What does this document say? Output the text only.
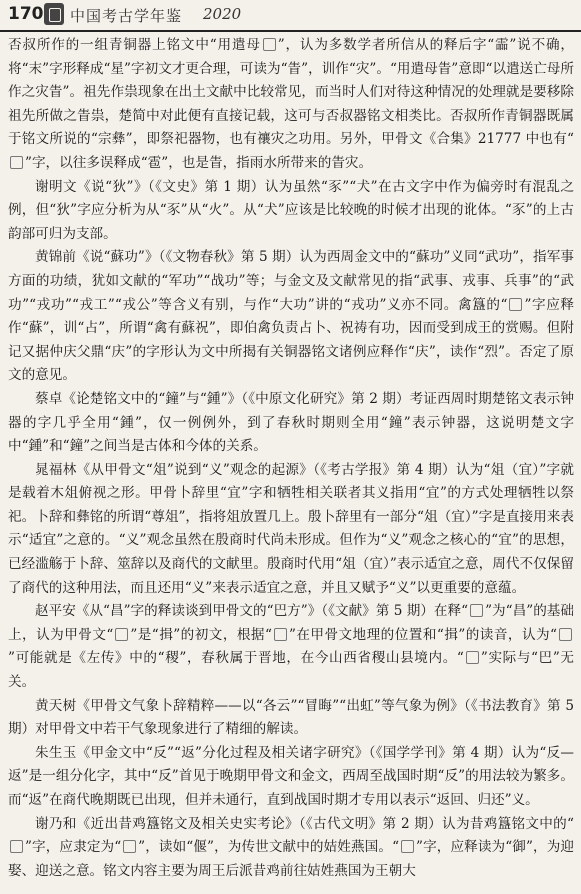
170 中国考古学年鉴 2020

否叔所作的一组青铜器上铭文中“用遣母 ”，认为多数学者所信从的释后字“霝”说不确，将“末”字形释成“星”字初文才更合理，可读为“眚”，训作“灾”。“用遣母眚”意即“以遣送亡母所作之灾眚”。祖先作祟现象在出土文献中比较常见，而当时人们对待这种情况的处理就是要移除祖先所做之眚祟，楚简中对此便有直接记载，这可与否叔器铭文相类比。否叔所作青铜器既属于铭文所说的“宗彝”，即祭祀器物，也有禳灾之功用。另外，甲骨文《合集》21777 中也有“”字，以往多误释成“雹”，也是眚，指雨水所带来的眚灾。

谢明文《说“狄”》（《文史》第 1 期）认为虽然“豕”“犬”在古文字中作为偏旁时有混乱之例，但“狄”字应分析为从“豕”从“火”。从“犬”应该是比较晚的时候才出现的讹体。“豕”的上古韵部可归为支部。

黄锦前《说“蘇功”》（《文物春秋》第 5 期）认为西周金文中的“蘇功”义同“武功”，指军事方面的功绩，犹如文献的“军功”“战功”等；与金文及文献常见的指“武事、戎事、兵事”的“武功”“戎功”“戎工”“戎公”等含义有别，与作“大功”讲的“戎功”义亦不同。禽簋的“ ”字应释作“蘇”，训“占”，所谓“禽有蘇祝”，即伯禽负责占卜、祝祷有功，因而受到成王的赏赐。但附记又据仲庆父鼎“庆”的字形认为文中所揭有关铜器铭文诸例应释作“庆”，读作“烈”。否定了原文的意见。

蔡卓《论楚铭文中的“鐘”与“鍾”》（《中原文化研究》第 2 期）考证西周时期楚铭文表示钟器的字几乎全用“鍾”，仅一例例外，到了春秋时期则全用“鐘”表示钟器，这说明楚文字中“鍾”和“鐘”之间当是古体和今体的关系。

晁福林《从甲骨文“俎”说到“义”观念的起源》（《考古学报》第 4 期）认为“俎（宜）”字就是载着木俎俯视之形。甲骨卜辞里“宜”字和牺牲相关联者其义指用“宜”的方式处理牺牲以祭祀。卜辞和彝铭的所谓“尊俎”，指将俎放置几上。殷卜辞里有一部分“俎（宜）”字是直接用来表示“适宜”之意的。“义”观念虽然在殷商时代尚未形成。但作为“义”观念之核心的“宜”的思想，已经滥觞于卜辞、筮辞以及商代的文献里。殷商时代用“俎（宜）”表示适宜之意，周代不仅保留了商代的这种用法，而且还用“义”来表示适宜之意，并且又赋予“义”以更重要的意蕴。

赵平安《从“昌”字的释读谈到甲骨文的“巴方”》（《文献》第 5 期）在释“ ”为“昌”的基础上，认为甲骨文“ ”是“揖”的初文，根据“ ”在甲骨文地理的位置和“揖”的读音，认为“”可能就是《左传》中的“稷”，春秋属于晋地，在今山西省稷山县境内。“ ”实际与“巴”无关。

黄天树《甲骨文气象卜辞精粹——以“各云”“冒晦”“出虹”等气象为例》（《书法教育》第 5 期）对甲骨文中若干气象现象进行了精细的解读。

朱生玉《甲金文中“反”“返”分化过程及相关诸字研究》（《国学学刊》第 4 期）认为“反—返”是一组分化字，其中“反”首见于晚期甲骨文和金文，西周至战国时期“反”的用法较为繁多。而“返”在商代晚期既已出现，但并未通行，直到战国时期才专用以表示“返回、归还”义。

谢乃和《近出昔鸡簋铭文及相关史实考论》（《古代文明》第 2 期）认为昔鸡簋铭文中的“”字，应隶定为“ ”，读如“偃”，为传世文献中的姞姓燕国。“ ”字，应释读为“御”，为迎娶、迎送之意。铭文内容主要为周王后派昔鸡前往姞姓燕国为王朝大
